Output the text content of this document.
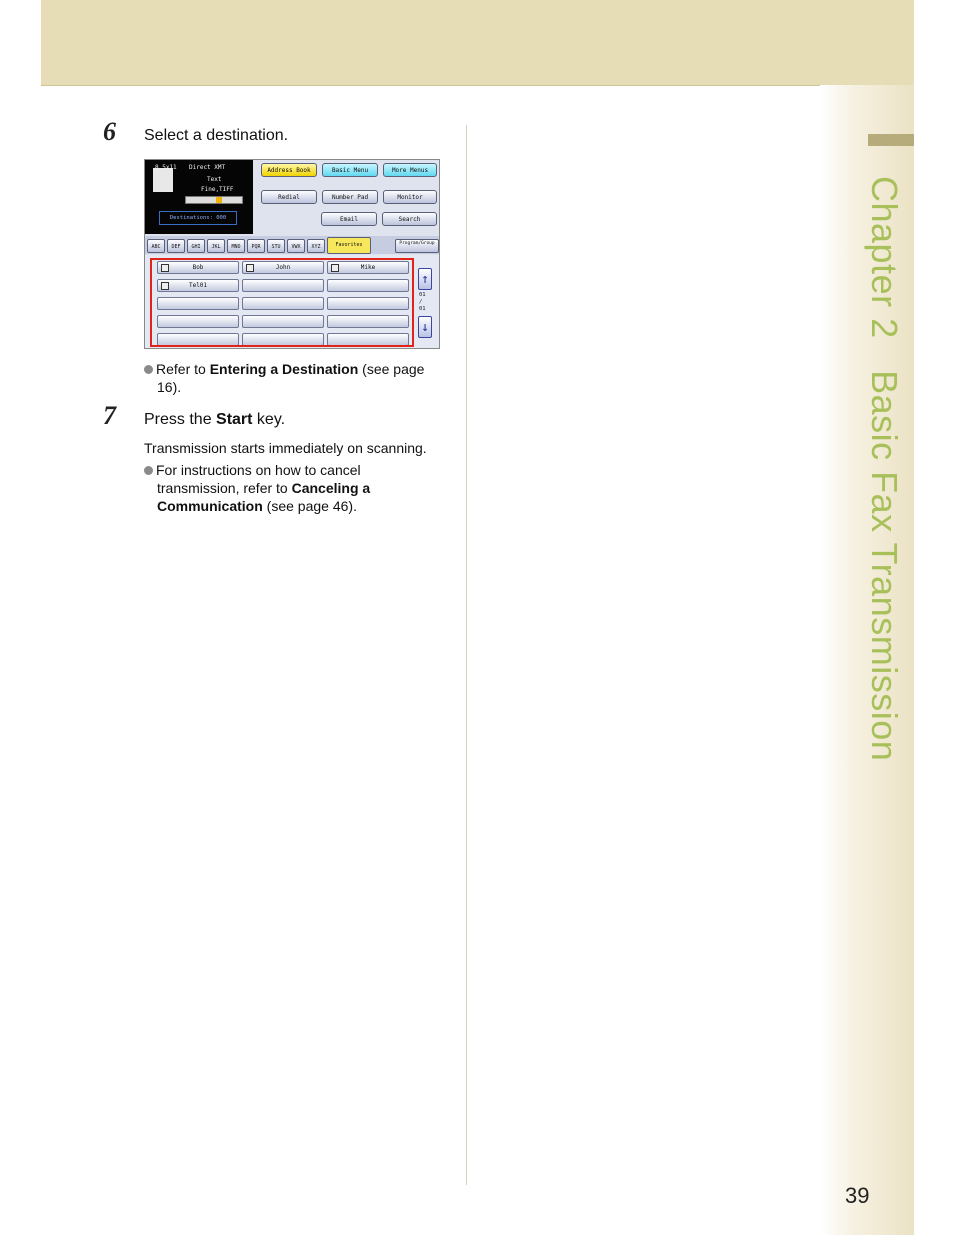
Chapter 2   Basic Fax Transmission
6 Select a destination.
8.5x11 Direct XMT
Text
Fine,TIFF
Destinations: 000
Address Book	Basic Menu	More Menus
Redial	Number Pad	Monitor
Email	Search
ABC	DEF	GHI	JKL	MNO	PQR	STU	VWX	XYZ	Favorites	Program/Group
Bob	John	Mike
Tel01	↑
01
/
01
↓
Refer to Entering a Destination (see page
16).
7 Press the Start key.
Transmission starts immediately on scanning.
For instructions on how to cancel
transmission, refer to Canceling a
Communication (see page 46).
39
